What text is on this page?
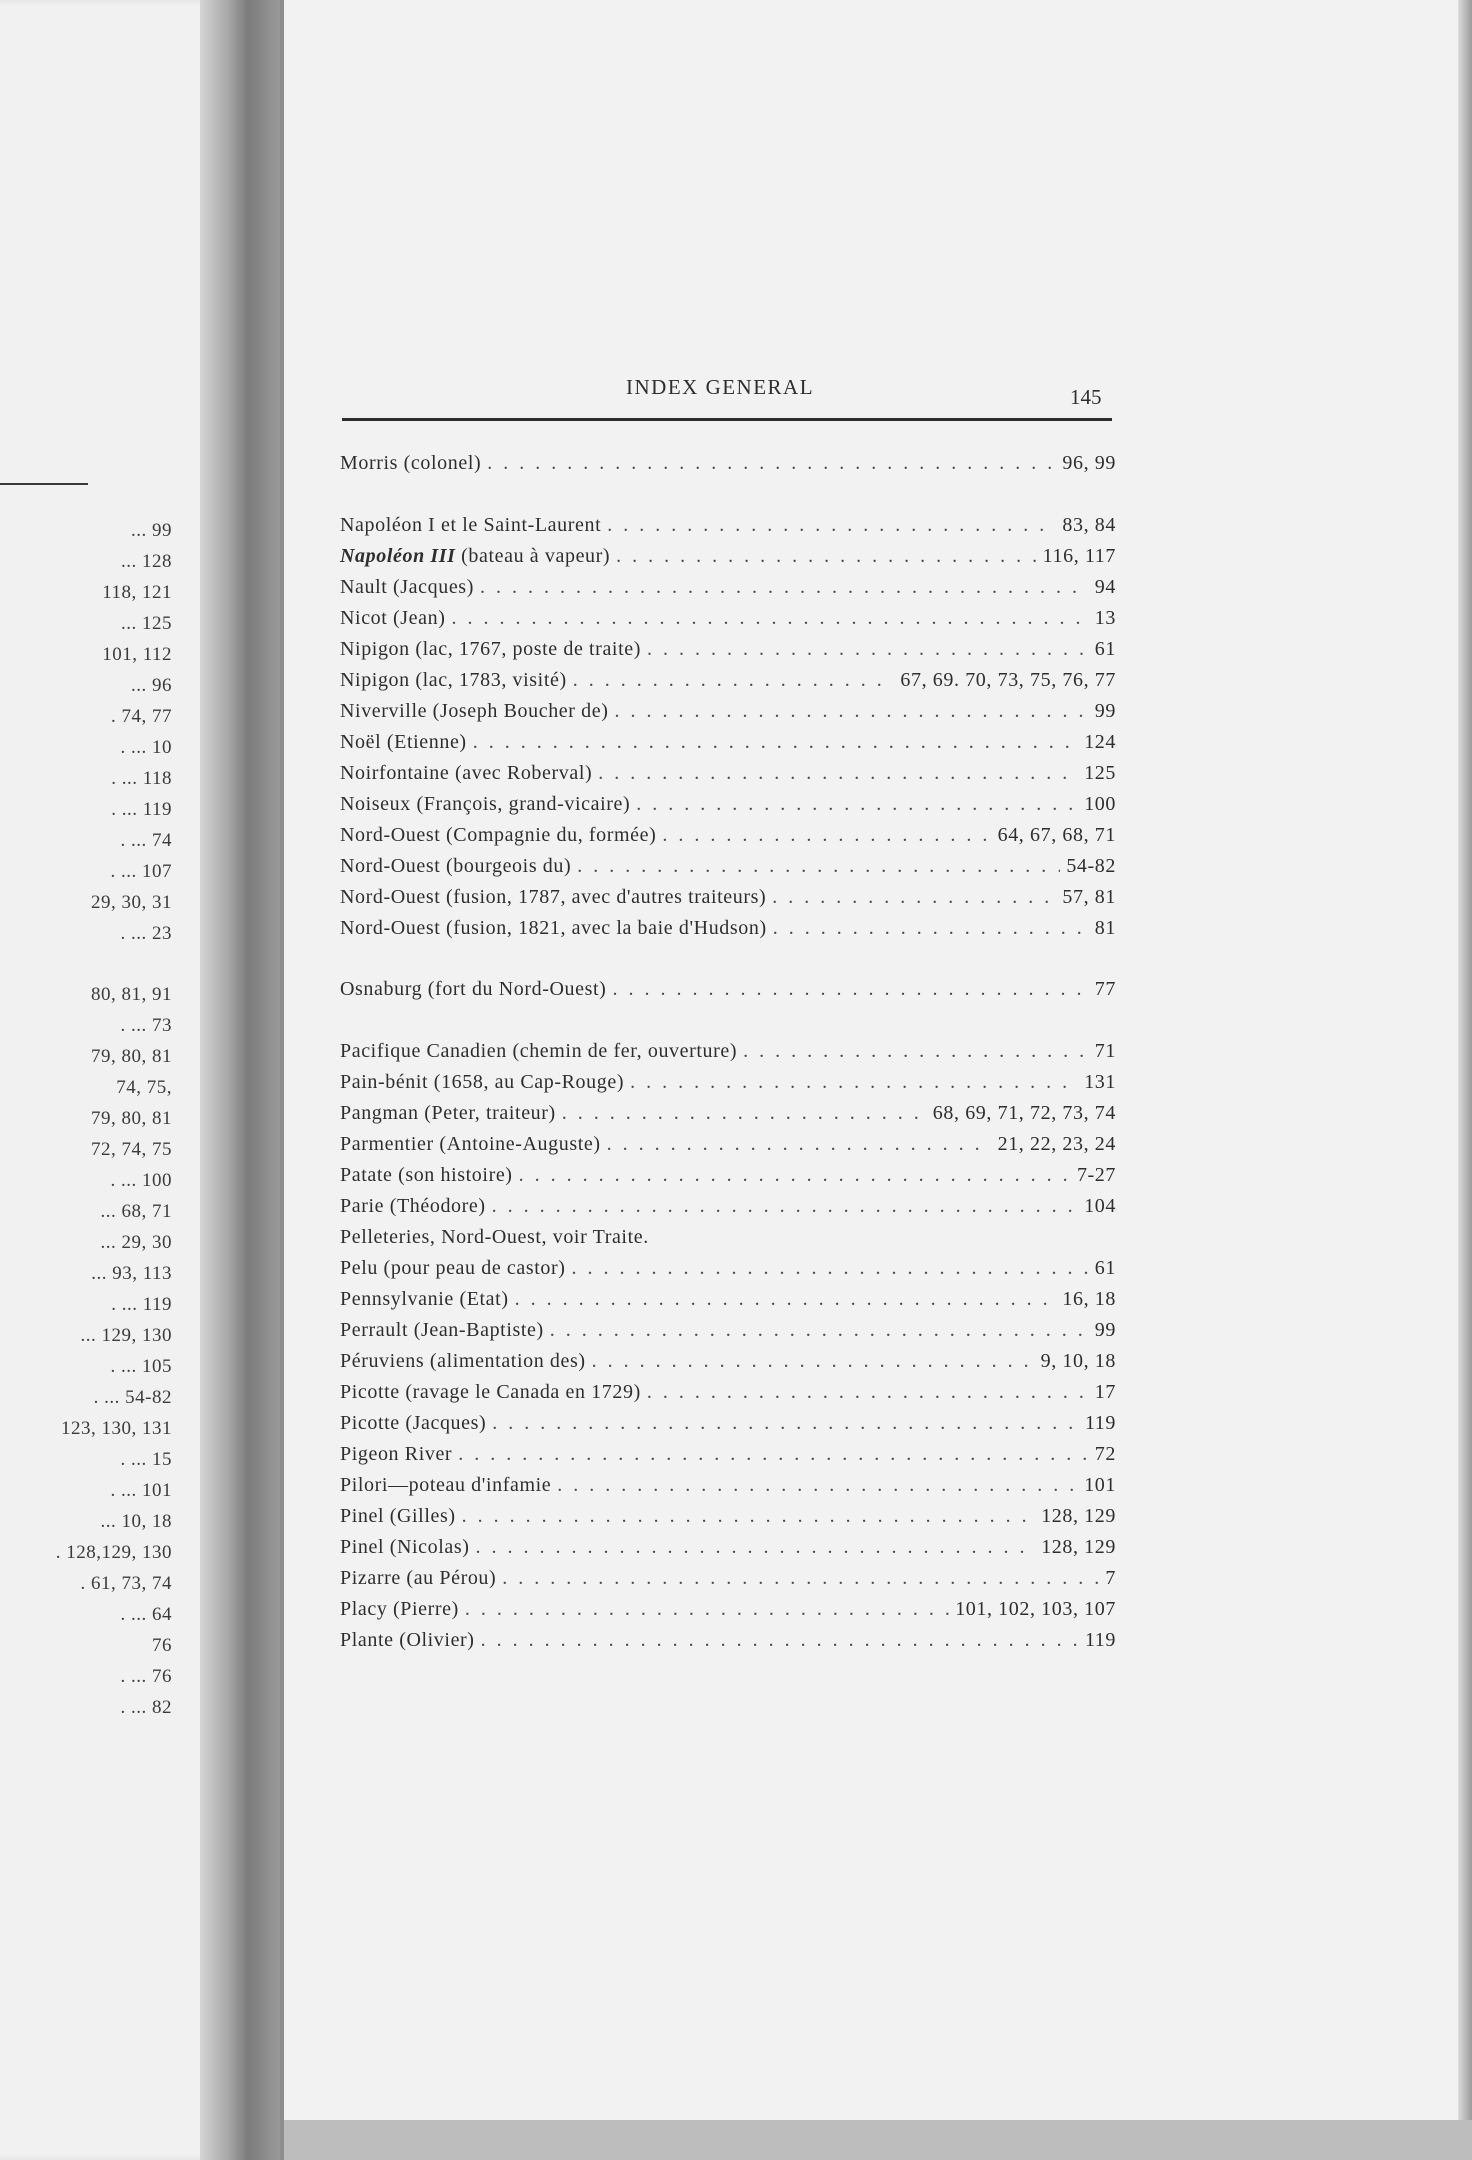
... 99
... 128
118, 121
... 125
101, 112
... 96
. 74, 77
. ... 10
. ... 118
. ... 119
. ... 74
. ... 107
29, 30, 31
. ... 23
80, 81, 91
. ... 73
79, 80, 81
74, 75,
79, 80, 81
72, 74, 75
. ... 100
... 68, 71
... 29, 30
... 93, 113
. ... 119
... 129, 130
. ... 105
. ... 54-82
123, 130, 131
. ... 15
. ... 101
... 10, 18
. 128,129, 130
. 61, 73, 74
. ... 64
76
. ... 76
. ... 82
INDEX GENERAL	145
Morris (colonel) . . .	96, 99
Napoléon I et le Saint-Laurent . . .	83, 84
Napoléon III (bateau à vapeur) . . .	116, 117
Nault (Jacques) . . .	94
Nicot (Jean) . . .	13
Nipigon (lac, 1767, poste de traite) . . .	61
Nipigon (lac, 1783, visité) . . .	67, 69. 70, 73, 75, 76, 77
Niverville (Joseph Boucher de) . . .	99
Noël (Etienne) . . .	124
Noirfontaine (avec Roberval) . . .	125
Noiseux (François, grand-vicaire) . . .	100
Nord-Ouest (Compagnie du, formée) . . .	64, 67, 68, 71
Nord-Ouest (bourgeois du) . . .	54-82
Nord-Ouest (fusion, 1787, avec d'autres traiteurs) . . .	57, 81
Nord-Ouest (fusion, 1821, avec la baie d'Hudson) . . .	81
Osnaburg (fort du Nord-Ouest) . . .	77
Pacifique Canadien (chemin de fer, ouverture) . . .	71
Pain-bénit (1658, au Cap-Rouge) . . .	131
Pangman (Peter, traiteur) . . .	68, 69, 71, 72, 73, 74
Parmentier (Antoine-Auguste) . . .	21, 22, 23, 24
Patate (son histoire) . . .	7-27
Parie (Théodore) . . .	104
Pelleteries, Nord-Ouest, voir Traite.
Pelu (pour peau de castor) . . .	61
Pennsylvanie (Etat) . . .	16, 18
Perrault (Jean-Baptiste) . . .	99
Péruviens (alimentation des) . . .	9, 10, 18
Picotte (ravage le Canada en 1729) . . .	17
Picotte (Jacques) . . .	119
Pigeon River . . .	72
Pilori—poteau d'infamie . . .	101
Pinel (Gilles) . . .	128, 129
Pinel (Nicolas) . . .	128, 129
Pizarre (au Pérou) . . .	7
Placy (Pierre) . . .	101, 102, 103, 107
Plante (Olivier) . . .	119
